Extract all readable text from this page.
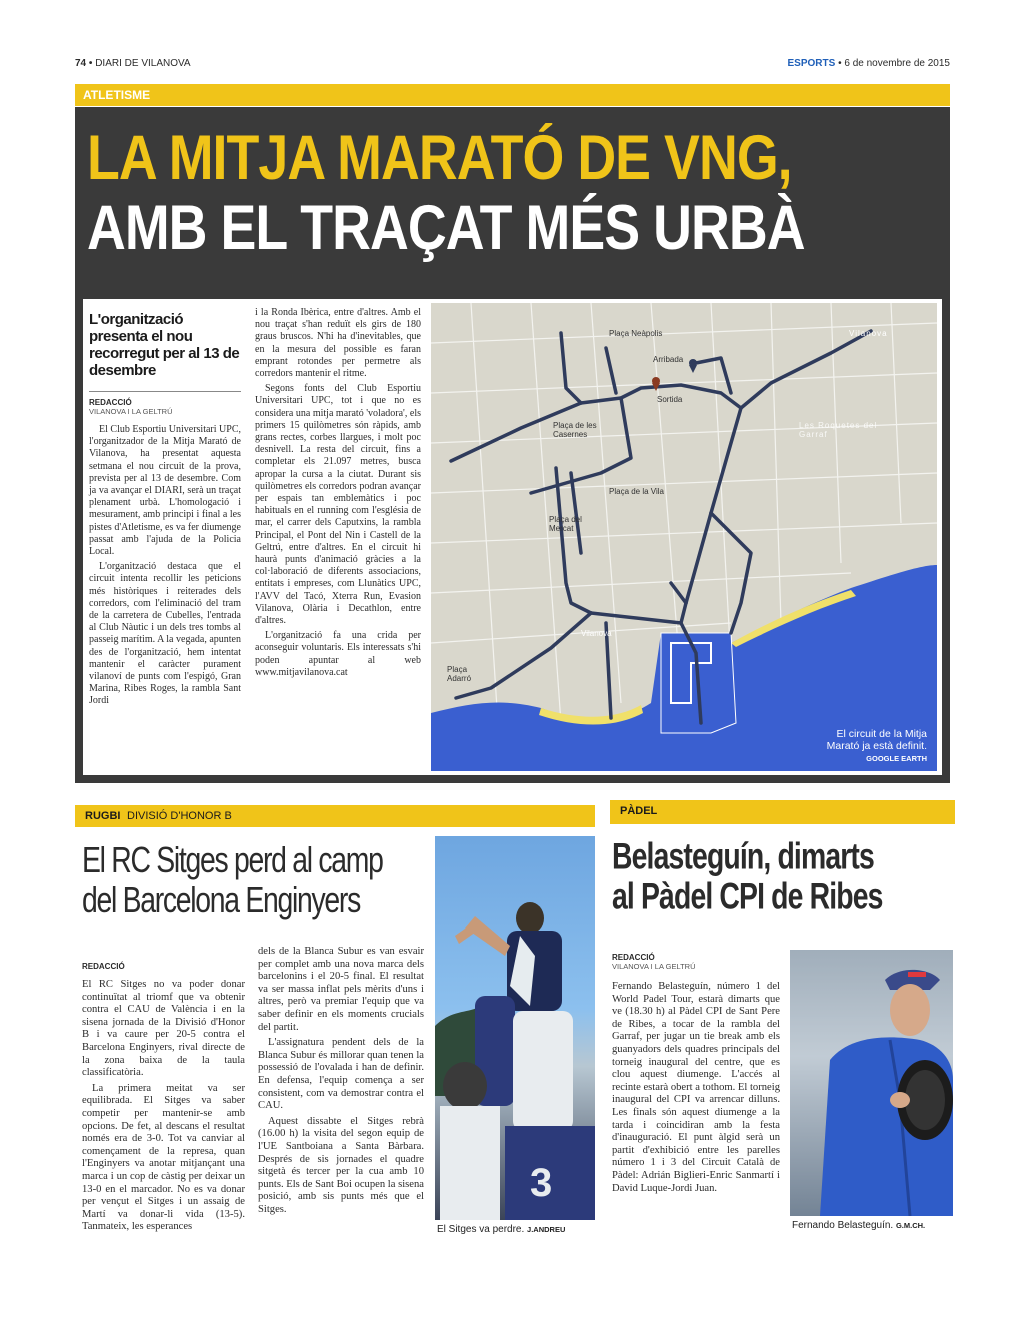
74 • DIARI DE VILANOVA	ESPORTS • 6 de novembre de 2015
ATLETISME
LA MITJA MARATÓ DE VNG,
AMB EL TRAÇAT MÉS URBÀ
L'organització presenta el nou recorregut per al 13 de desembre
REDACCIÓ
VILANOVA I LA GELTRÚ

El Club Esportiu Universitari UPC, l'organitzador de la Mitja Marató de Vilanova, ha presentat aquesta setmana el nou circuit de la prova, prevista per al 13 de desembre. Com ja va avançar el DIARI, serà un traçat plenament urbà. L'homologació i mesurament, amb principi i final a les pistes d'Atletisme, es va fer diumenge passat amb l'ajuda de la Policia Local.

L'organització destaca que el circuit intenta recollir les peticions més històriques i reiterades dels corredors, com l'eliminació del tram de la carretera de Cubelles, l'entrada al Club Nàutic i un dels tres tombs al passeig marítim. A la vegada, apunten des de l'organització, hem intentat mantenir el caràcter purament vilanoví de punts com l'espigó, Gran Marina, Ribes Roges, la rambla Sant Jordi

i la Ronda Ibèrica, entre d'altres. Amb el nou traçat s'han reduït els girs de 180 graus bruscos. N'hi ha d'inevitables, que en la mesura del possible es faran emprant rotondes per permetre als corredors mantenir el ritme.

Segons fonts del Club Esportiu Universitari UPC, tot i que no es considera una mitja marató 'voladora', els primers 15 quilòmetres són ràpids, amb grans rectes, corbes llargues, i molt poc desnivell. La resta del circuit, fins a completar els 21.097 metres, busca apropar la cursa a la ciutat. Durant sis quilòmetres els corredors podran avançar per espais tan emblemàtics i poc habituals en el running com l'església de mar, el carrer dels Caputxins, la rambla Principal, el Pont del Nin i Castell de la Geltrú, entre d'altres. En el circuit hi haurà punts d'animació gràcies a la col·laboració de diferents associacions, entitats i empreses, com Llunàtics UPC, l'AVV del Tacó, Xterra Run, Evasion Vilanova, Olària i Decathlon, entre d'altres.

L'organització fa una crida per aconseguir voluntaris. Els interessats s'hi poden apuntar al web www.mitjavilanova.cat

Plaça Neàpolis
Arribada
Sortida
Plaça de les Casernes
Plaça de la Vila
Plaça del Mercat
Plaça Adarró
Vilanova
Les Roquetes del Garraf
Vilanova
El circuit de la Mitja Marató ja està definit.
GOOGLE EARTH
RUGBI DIVISIÓ D'HONOR B
El RC Sitges perd al camp
del Barcelona Enginyers
REDACCIÓ

El RC Sitges no va poder donar continuïtat al triomf que va obtenir contra el CAU de València i en la sisena jornada de la Divisió d'Honor B i va caure per 20-5 contra el Barcelona Enginyers, rival directe de la zona baixa de la taula classificatòria.

La primera meitat va ser equilibrada. El Sitges va saber competir per mantenir-se amb opcions. De fet, al descans el resultat només era de 3-0. Tot va canviar al començament de la represa, quan l'Enginyers va anotar mitjançant una marca i un cop de càstig per deixar un 13-0 en el marcador. No es va donar per vençut el Sitges i un assaig de Martí va donar-li vida (13-5). Tanmateix, les esperances

dels de la Blanca Subur es van esvair per complet amb una nova marca dels barcelonins i el 20-5 final. El resultat va ser massa inflat pels mèrits d'uns i altres, però va premiar l'equip que va saber definir en els moments crucials del partit.

L'assignatura pendent dels de la Blanca Subur és millorar quan tenen la possessió de l'ovalada i han de definir. En defensa, l'equip comença a ser consistent, com va demostrar contra el CAU.

Aquest dissabte el Sitges rebrà (16.00 h) la visita del segon equip de l'UE Santboiana a Santa Bàrbara. Després de sis jornades el quadre sitgetà és tercer per la cua amb 10 punts. Els de Sant Boi ocupen la sisena posició, amb sis punts més que el Sitges.

3
El Sitges va perdre. J.ANDREU
PÀDEL
Belasteguín, dimarts
al Pàdel CPI de Ribes
REDACCIÓ
VILANOVA I LA GELTRÚ

Fernando Belasteguín, número 1 del World Padel Tour, estarà dimarts que ve (18.30 h) al Pàdel CPI de Sant Pere de Ribes, a tocar de la rambla del Garraf, per jugar un tie break amb els guanyadors dels quadres principals del torneig inaugural del centre, que es clou aquest diumenge. L'accés al recinte estarà obert a tothom. El torneig inaugural del CPI va arrencar dilluns. Les finals són aquest diumenge a la tarda i coincidiran amb la festa d'inauguració. El punt àlgid serà un partit d'exhibició entre les parelles número 1 i 3 del Circuit Català de Pàdel: Adrián Biglieri-Enric Sanmartí i David Luque-Jordi Juan.

Fernando Belasteguín. G.M.CH.
